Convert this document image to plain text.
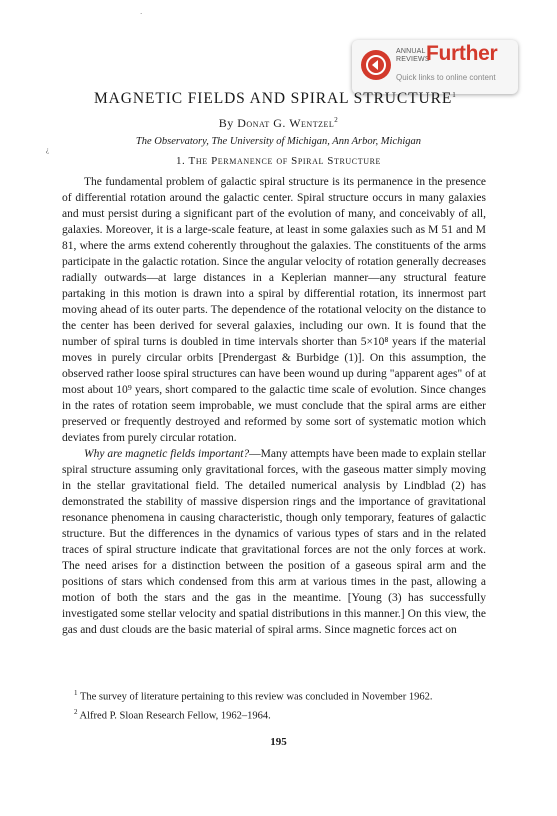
´
¿
ANNUAL
REVIEWS
Further
Quick links to online content
MAGNETIC FIELDS AND SPIRAL STRUCTURE$^1$
By Donat G. Wentzel$^2$
The Observatory, The University of Michigan, Ann Arbor, Michigan
1. The Permanence of Spiral Structure

The fundamental problem of galactic spiral structure is its permanence in the presence of differential rotation around the galactic center. Spiral structure occurs in many galaxies and must persist during a significant part of the evolution of many, and conceivably of all, galaxies. Moreover, it is a large-scale feature, at least in some galaxies such as M 51 and M 81, where the arms extend coherently throughout the galaxies. The constituents of the arms participate in the galactic rotation. Since the angular velocity of rotation generally decreases radially outwards—at large distances in a Keplerian manner—any structural feature partaking in this motion is drawn into a spiral by differential rotation, its innermost part moving ahead of its outer parts. The dependence of the rotational velocity on the distance to the center has been derived for several galaxies, including our own. It is found that the number of spiral turns is doubled in time intervals shorter than 5×10⁸ years if the material moves in purely circular orbits [Prendergast & Burbidge (1)]. On this assumption, the observed rather loose spiral structures can have been wound up during "apparent ages" of at most about 10⁹ years, short compared to the galactic time scale of evolution. Since changes in the rates of rotation seem improbable, we must conclude that the spiral arms are either preserved or frequently destroyed and reformed by some sort of systematic motion which deviates from purely circular rotation.

Why are magnetic fields important?—Many attempts have been made to explain stellar spiral structure assuming only gravitational forces, with the gaseous matter simply moving in the stellar gravitational field. The detailed numerical analysis by Lindblad (2) has demonstrated the stability of massive dispersion rings and the importance of gravitational resonance phenomena in causing characteristic, though only temporary, features of galactic structure. But the differences in the dynamics of various types of stars and in the related traces of spiral structure indicate that gravitational forces are not the only forces at work. The need arises for a distinction between the position of a gaseous spiral arm and the positions of stars which condensed from this arm at various times in the past, allowing a motion of both the stars and the gas in the meantime. [Young (3) has successfully investigated some stellar velocity and spatial distributions in this manner.] On this view, the gas and dust clouds are the basic material of spiral arms. Since magnetic forces act on

$^1$ The survey of literature pertaining to this review was concluded in November 1962.

$^2$ Alfred P. Sloan Research Fellow, 1962–1964.

195
